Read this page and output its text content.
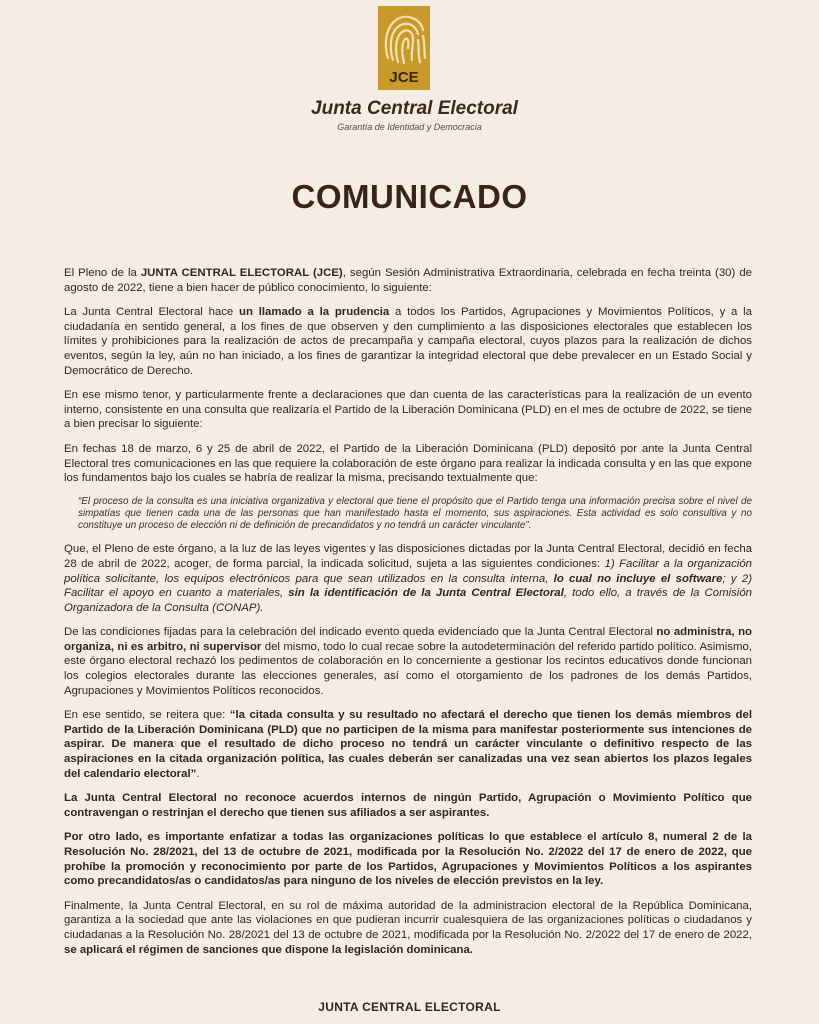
JCE
Junta Central Electoral
Garantía de Identidad y Democracia
COMUNICADO

El Pleno de la JUNTA CENTRAL ELECTORAL (JCE), según Sesión Administrativa Extraordinaria, celebrada en fecha treinta (30) de agosto de 2022, tiene a bien hacer de público conocimiento, lo siguiente:

La Junta Central Electoral hace un llamado a la prudencia a todos los Partidos, Agrupaciones y Movimientos Políticos, y a la ciudadanía en sentido general, a los fines de que observen y den cumplimiento a las disposiciones electorales que establecen los límites y prohibiciones para la realización de actos de precampaña y campaña electoral, cuyos plazos para la realización de dichos eventos, según la ley, aún no han iniciado, a los fines de garantizar la integridad electoral que debe prevalecer en un Estado Social y Democrático de Derecho.

En ese mismo tenor, y particularmente frente a declaraciones que dan cuenta de las características para la realización de un evento interno, consistente en una consulta que realizaría el Partido de la Liberación Dominicana (PLD) en el mes de octubre de 2022, se tiene a bien precisar lo siguiente:

En fechas 18 de marzo, 6 y 25 de abril de 2022, el Partido de la Liberación Dominicana (PLD) depositó por ante la Junta Central Electoral tres comunicaciones en las que requiere la colaboración de este órgano para realizar la indicada consulta y en las que expone los fundamentos bajo los cuales se habría de realizar la misma, precisando textualmente que:

“El proceso de la consulta es una iniciativa organizativa y electoral que tiene el propósito que el Partido tenga una información precisa sobre el nivel de simpatías que tienen cada una de las personas que han manifestado hasta el momento, sus aspiraciones. Esta actividad es solo consultiva y no constituye un proceso de elección ni de definición de precandidatos y no tendrá un carácter vinculante”.

Que, el Pleno de este órgano, a la luz de las leyes vigentes y las disposiciones dictadas por la Junta Central Electoral, decidió en fecha 28 de abril de 2022, acoger, de forma parcial, la indicada solicitud, sujeta a las siguientes condiciones: 1) Facilitar a la organización política solicitante, los equipos electrónicos para que sean utilizados en la consulta interna, lo cual no incluye el software; y 2) Facilitar el apoyo en cuanto a materiales, sin la identificación de la Junta Central Electoral, todo ello, a través de la Comisión Organizadora de la Consulta (CONAP).

De las condiciones fijadas para la celebración del indicado evento queda evidenciado que la Junta Central Electoral no administra, no organiza, ni es arbitro, ni supervisor del mismo, todo lo cual recae sobre la autodeterminación del referido partido político. Asimismo, este órgano electoral rechazó los pedimentos de colaboración en lo concerniente a gestionar los recintos educativos donde funcionan los colegios electorales durante las elecciones generales, así como el otorgamiento de los padrones de los demás Partidos, Agrupaciones y Movimientos Políticos reconocidos.

En ese sentido, se reitera que: “la citada consulta y su resultado no afectará el derecho que tienen los demás miembros del Partido de la Liberación Dominicana (PLD) que no participen de la misma para manifestar posteriormente sus intenciones de aspirar. De manera que el resultado de dicho proceso no tendrá un carácter vinculante o definitivo respecto de las aspiraciones en la citada organización política, las cuales deberán ser canalizadas una vez sean abiertos los plazos legales del calendario electoral”.

La Junta Central Electoral no reconoce acuerdos internos de ningún Partido, Agrupación o Movimiento Político que contravengan o restrinjan el derecho que tienen sus afiliados a ser aspirantes.

Por otro lado, es importante enfatizar a todas las organizaciones políticas lo que establece el artículo 8, numeral 2 de la Resolución No. 28/2021, del 13 de octubre de 2021, modificada por la Resolución No. 2/2022 del 17 de enero de 2022, que prohíbe la promoción y reconocimiento por parte de los Partidos, Agrupaciones y Movimientos Políticos a los aspirantes como precandidatos/as o candidatos/as para ninguno de los niveles de elección previstos en la ley.

Finalmente, la Junta Central Electoral, en su rol de máxima autoridad de la administracion electoral de la República Dominicana, garantiza a la sociedad que ante las violaciones en que pudieran incurrir cualesquiera de las organizaciones políticas o ciudadanos y ciudadanas a la Resolución No. 28/2021 del 13 de octubre de 2021, modificada por la Resolución No. 2/2022 del 17 de enero de 2022, se aplicará el régimen de sanciones que dispone la legislación dominicana.

JUNTA CENTRAL ELECTORAL
